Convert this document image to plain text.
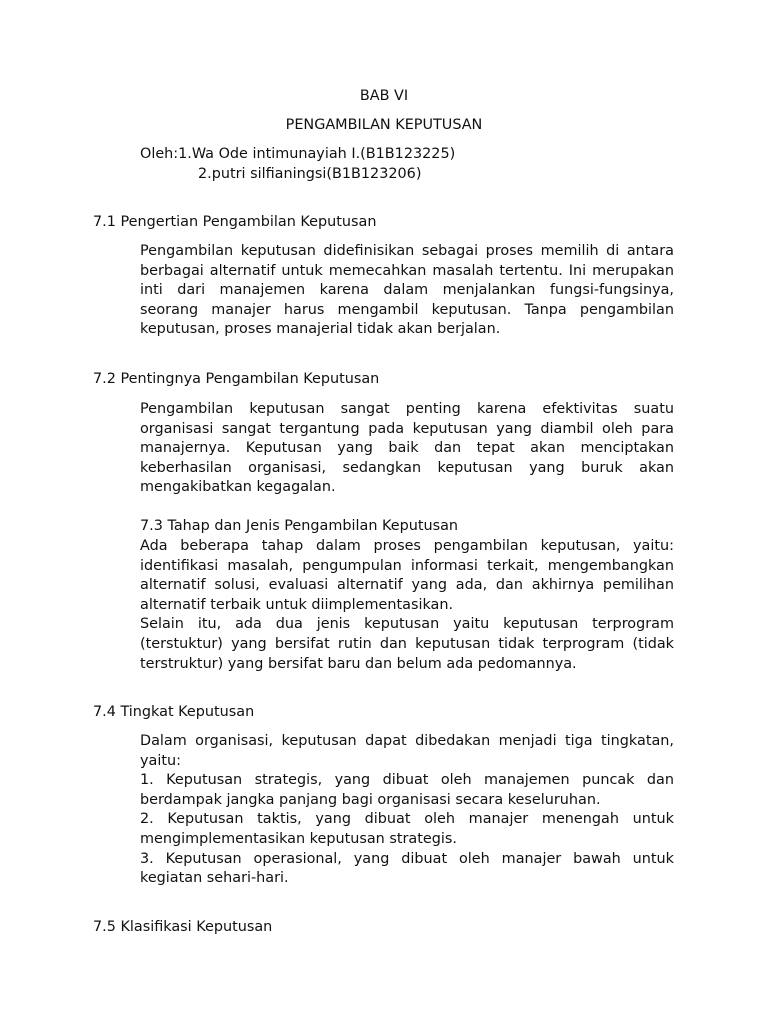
BAB VI
PENGAMBILAN KEPUTUSAN
Oleh:1.Wa Ode intimunayiah I.(B1B123225)
2.putri silfianingsi(B1B123206)
7.1 Pengertian Pengambilan Keputusan

Pengambilan keputusan didefinisikan sebagai proses memilih di antara berbagai alternatif untuk memecahkan masalah tertentu. Ini merupakan inti dari manajemen karena dalam menjalankan fungsi-fungsinya, seorang manajer harus mengambil keputusan. Tanpa pengambilan keputusan, proses manajerial tidak akan berjalan.

7.2 Pentingnya Pengambilan Keputusan

Pengambilan keputusan sangat penting karena efektivitas suatu organisasi sangat tergantung pada keputusan yang diambil oleh para manajernya. Keputusan yang baik dan tepat akan menciptakan keberhasilan organisasi, sedangkan keputusan yang buruk akan mengakibatkan kegagalan.

7.3 Tahap dan Jenis Pengambilan Keputusan

Ada beberapa tahap dalam proses pengambilan keputusan, yaitu: identifikasi masalah, pengumpulan informasi terkait, mengembangkan alternatif solusi, evaluasi alternatif yang ada, dan akhirnya pemilihan alternatif terbaik untuk diimplementasikan.

Selain itu, ada dua jenis keputusan yaitu keputusan terprogram (terstuktur) yang bersifat rutin dan keputusan tidak terprogram (tidak terstruktur) yang bersifat baru dan belum ada pedomannya.

7.4 Tingkat Keputusan

Dalam organisasi, keputusan dapat dibedakan menjadi tiga tingkatan, yaitu:

1. Keputusan strategis, yang dibuat oleh manajemen puncak dan berdampak jangka panjang bagi organisasi secara keseluruhan.

2. Keputusan taktis, yang dibuat oleh manajer menengah untuk mengimplementasikan keputusan strategis.

3. Keputusan operasional, yang dibuat oleh manajer bawah untuk kegiatan sehari-hari.

7.5 Klasifikasi Keputusan
